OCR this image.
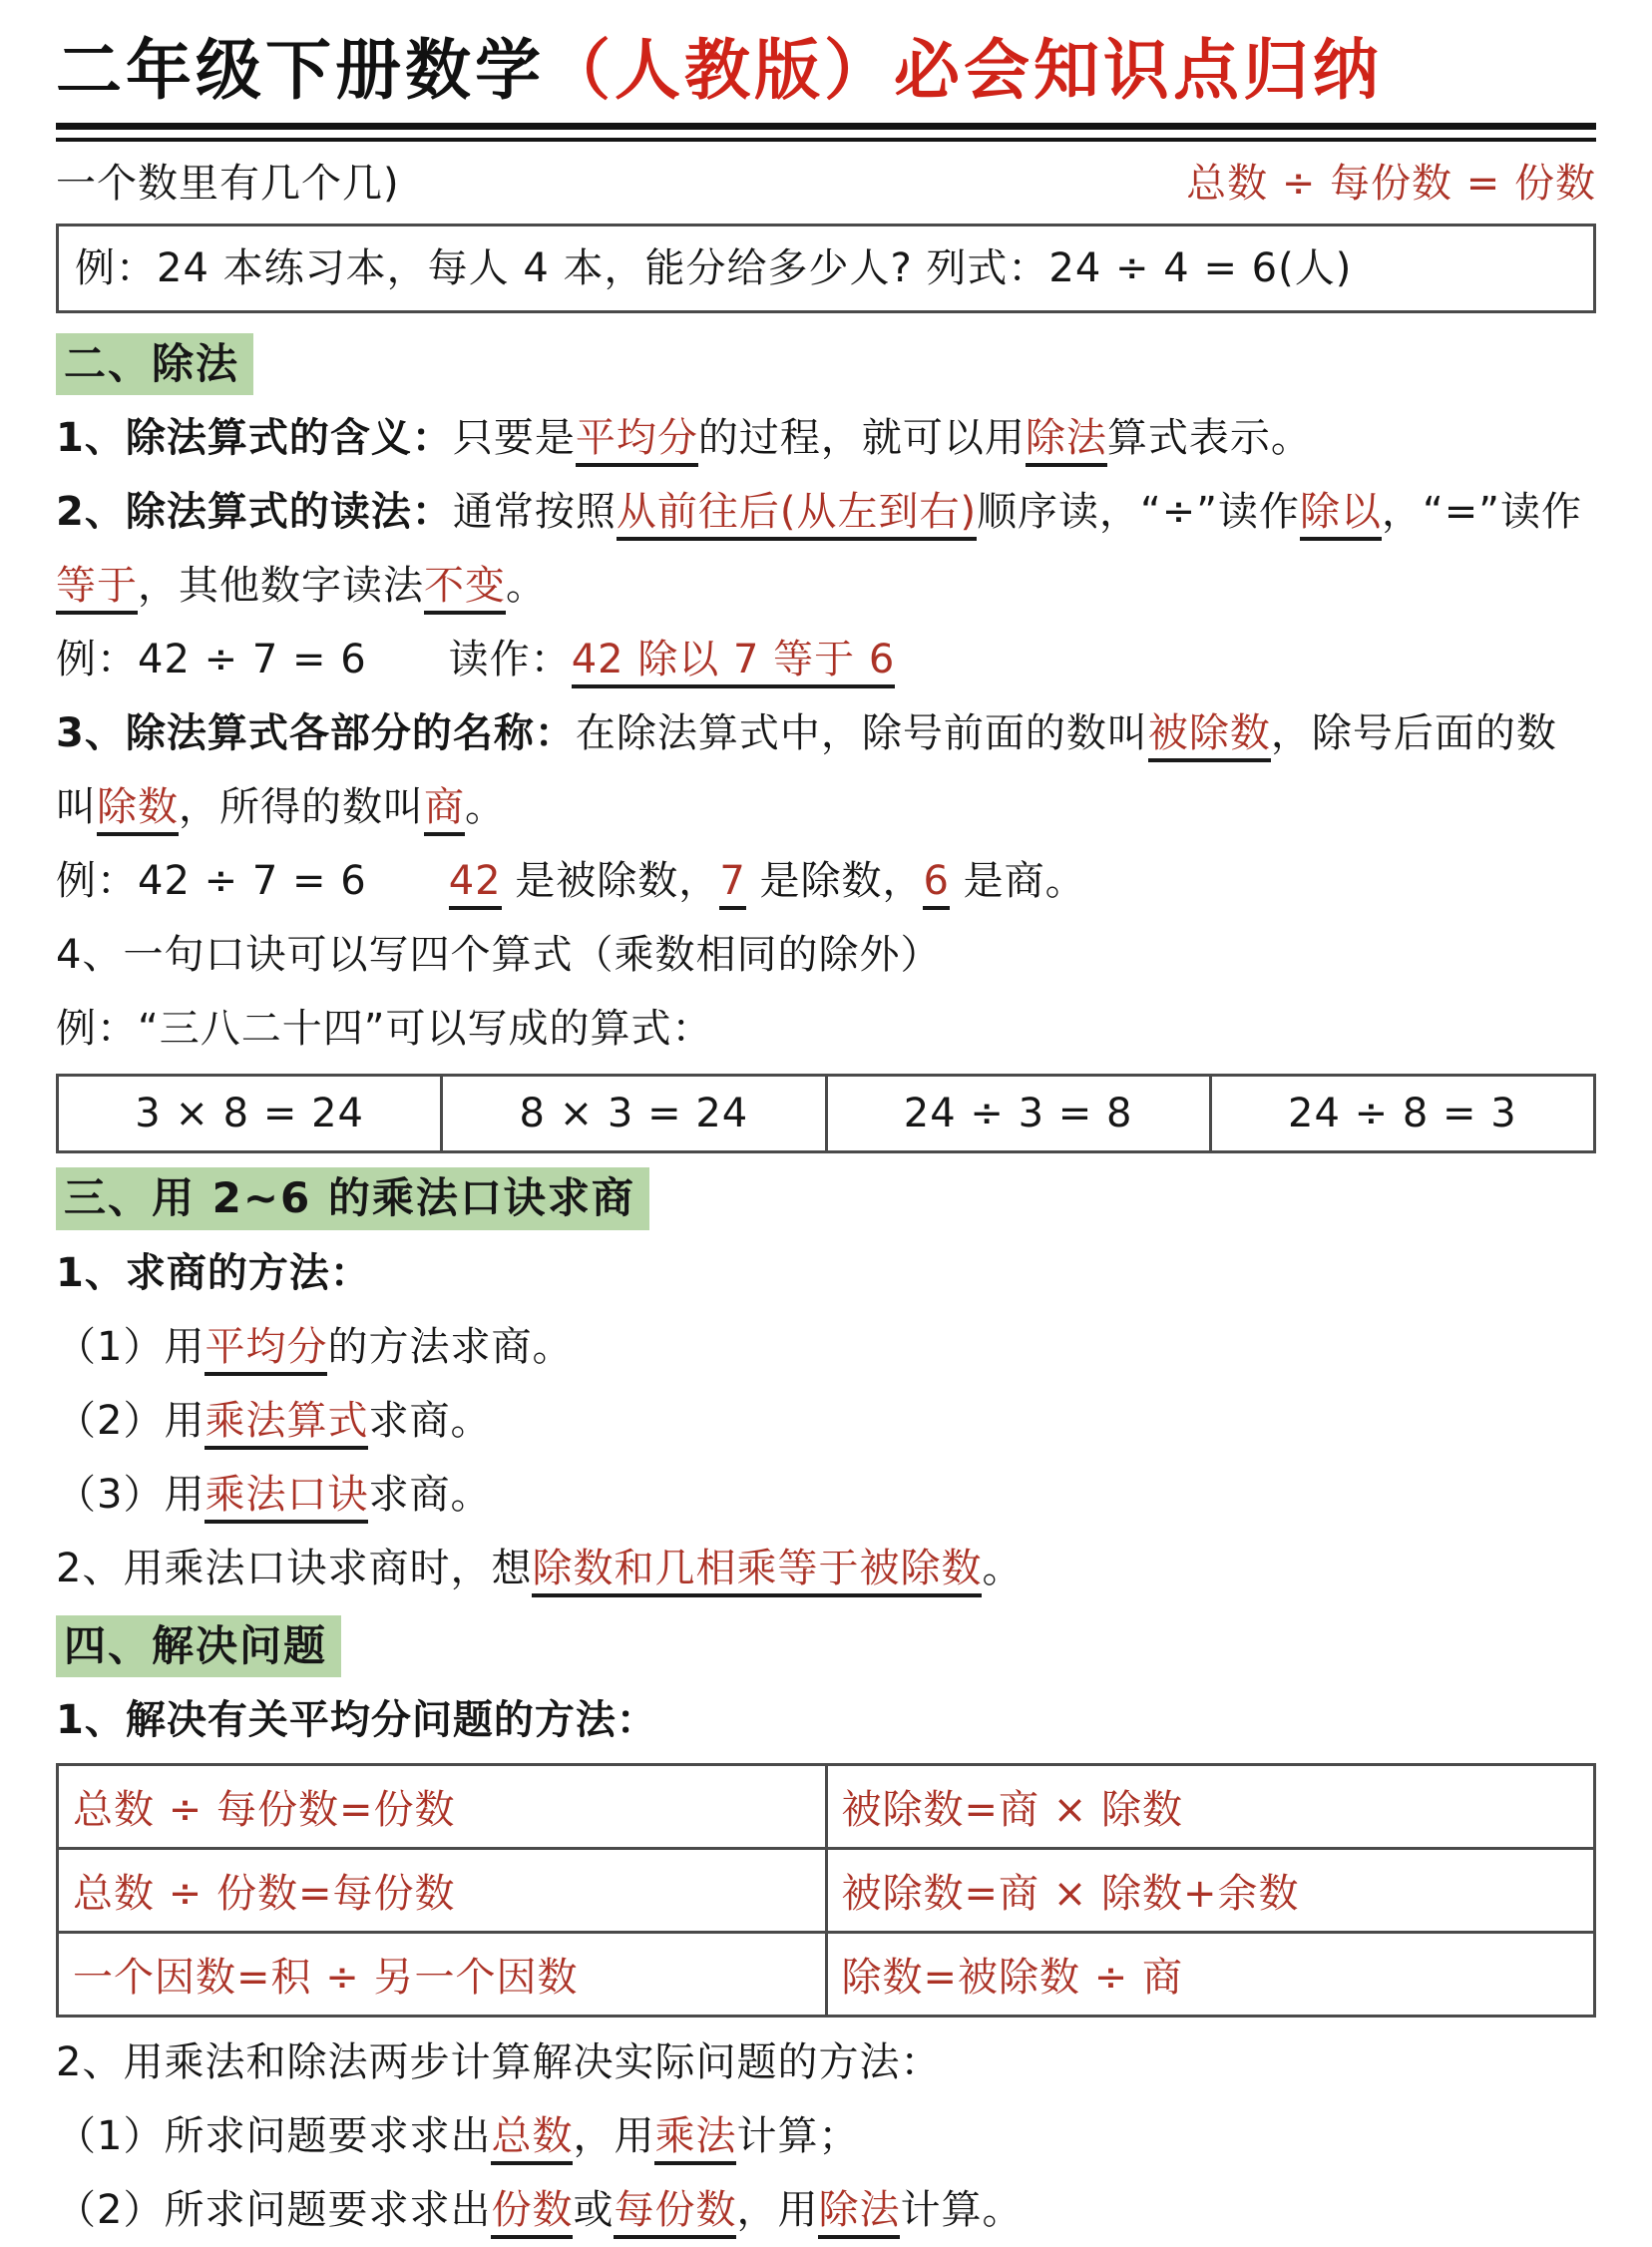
二年级下册数学（人教版）必会知识点归纳
一个数里有几个几)	总数 ÷ 每份数 = 份数
例：24 本练习本，每人 4 本，能分给多少人? 列式：24 ÷ 4 = 6(人)
二、除法
1、除法算式的含义：只要是平均分的过程，就可以用除法算式表示。
2、除法算式的读法：通常按照从前往后(从左到右)顺序读，“÷”读作除以，“=”读作等于，其他数字读法不变。
例：42 ÷ 7 = 6　　读作：42 除以 7 等于 6
3、除法算式各部分的名称：在除法算式中，除号前面的数叫被除数，除号后面的数叫除数，所得的数叫商。
例：42 ÷ 7 = 6　　42 是被除数，7 是除数，6 是商。
4、一句口诀可以写四个算式（乘数相同的除外）
例：“三八二十四”可以写成的算式：
3 × 8 = 24	8 × 3 = 24	24 ÷ 3 = 8	24 ÷ 8 = 3
三、用 2~6 的乘法口诀求商
1、求商的方法：
（1）用平均分的方法求商。
（2）用乘法算式求商。
（3）用乘法口诀求商。
2、用乘法口诀求商时，想除数和几相乘等于被除数。
四、解决问题
1、解决有关平均分问题的方法：
总数 ÷ 每份数=份数	被除数=商 × 除数
总数 ÷ 份数=每份数	被除数=商 × 除数+余数
一个因数=积 ÷ 另一个因数	除数=被除数 ÷ 商
2、用乘法和除法两步计算解决实际问题的方法：
（1）所求问题要求求出总数，用乘法计算；
（2）所求问题要求求出份数或每份数，用除法计算。
